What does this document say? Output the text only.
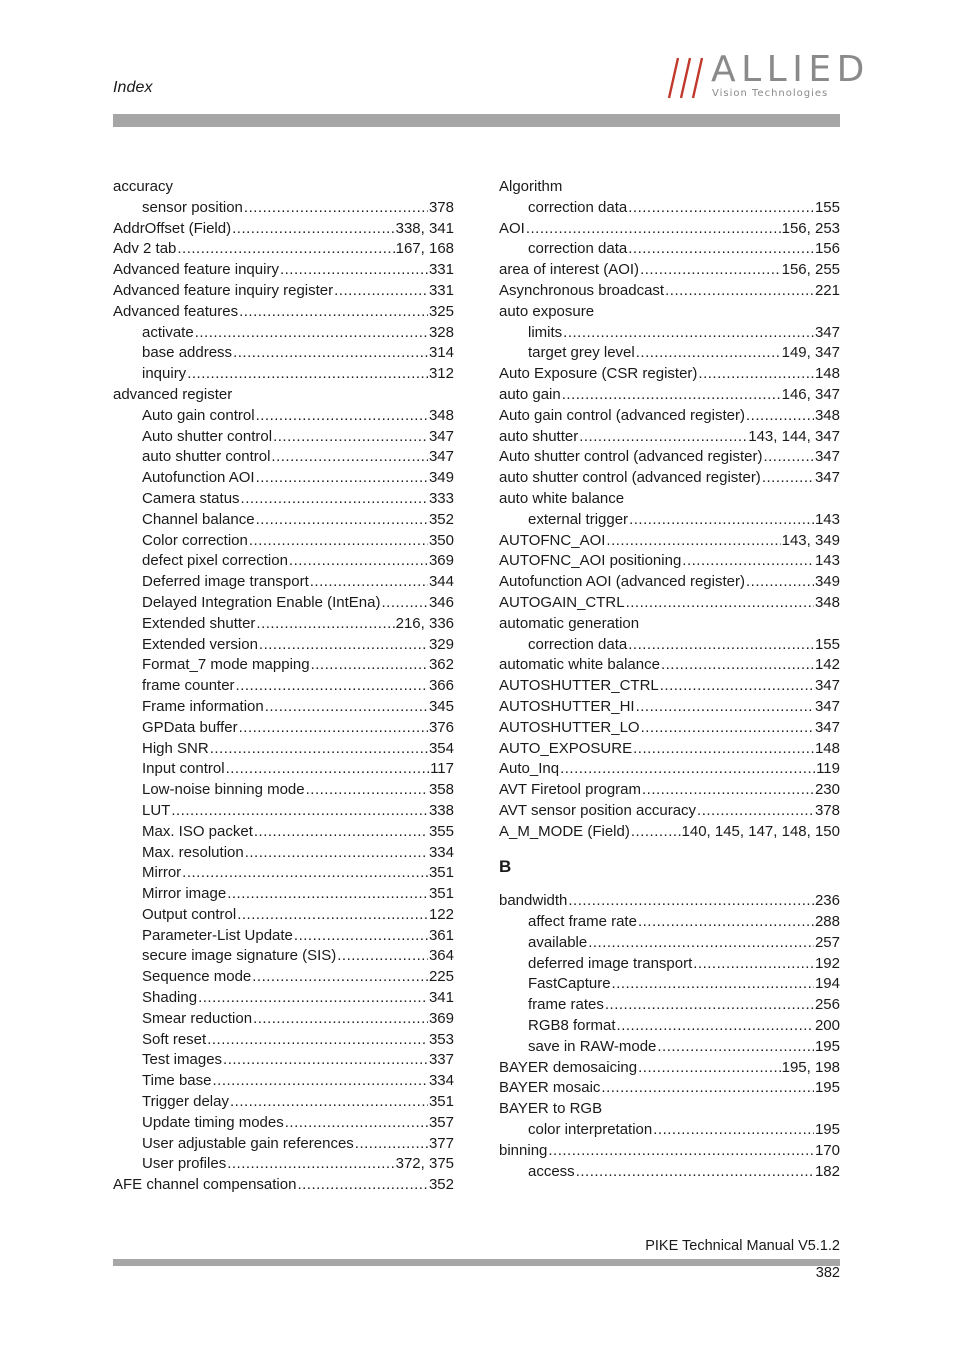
Index	ALLIED
Vision Technologies
accuracy
sensor position .....	378
AddrOffset (Field) .....	338, 341
Adv 2 tab .....	167, 168
Advanced feature inquiry .....	331
Advanced feature inquiry register .....	331
Advanced features .....	325
activate .....	328
base address .....	314
inquiry .....	312
advanced register
Auto gain control .....	348
Auto shutter control .....	347
auto shutter control .....	347
Autofunction AOI .....	349
Camera status .....	333
Channel balance .....	352
Color correction .....	350
defect pixel correction .....	369
Deferred image transport .....	344
Delayed Integration Enable (IntEna) .....	346
Extended shutter .....	216, 336
Extended version .....	329
Format_7 mode mapping .....	362
frame counter .....	366
Frame information .....	345
GPData buffer .....	376
High SNR .....	354
Input control .....	117
Low-noise binning mode .....	358
LUT .....	338
Max. ISO packet .....	355
Max. resolution .....	334
Mirror .....	351
Mirror image .....	351
Output control .....	122
Parameter-List Update .....	361
secure image signature (SIS) .....	364
Sequence mode .....	225
Shading .....	341
Smear reduction .....	369
Soft reset .....	353
Test images .....	337
Time base .....	334
Trigger delay .....	351
Update timing modes .....	357
User adjustable gain references .....	377
User profiles .....	372, 375
AFE channel compensation .....	352
Algorithm
correction data .....	155
AOI .....	156, 253
correction data .....	156
area of interest (AOI) .....	156, 255
Asynchronous broadcast .....	221
auto exposure
limits .....	347
target grey level .....	149, 347
Auto Exposure (CSR register) .....	148
auto gain .....	146, 347
Auto gain control (advanced register) .....	348
auto shutter .....	143, 144, 347
Auto shutter control (advanced register) .....	347
auto shutter control (advanced register) .....	347
auto white balance
external trigger .....	143
AUTOFNC_AOI .....	143, 349
AUTOFNC_AOI positioning .....	143
Autofunction AOI (advanced register) .....	349
AUTOGAIN_CTRL .....	348
automatic generation
correction data .....	155
automatic white balance .....	142
AUTOSHUTTER_CTRL .....	347
AUTOSHUTTER_HI .....	347
AUTOSHUTTER_LO .....	347
AUTO_EXPOSURE .....	148
Auto_Inq .....	119
AVT Firetool program .....	230
AVT sensor position accuracy .....	378
A_M_MODE (Field) .....	140, 145, 147, 148, 150
B
bandwidth .....	236
affect frame rate .....	288
available .....	257
deferred image transport .....	192
FastCapture .....	194
frame rates .....	256
RGB8 format .....	200
save in RAW-mode .....	195
BAYER demosaicing .....	195, 198
BAYER mosaic .....	195
BAYER to RGB
color interpretation .....	195
binning .....	170
access .....	182
PIKE Technical Manual V5.1.2
382
